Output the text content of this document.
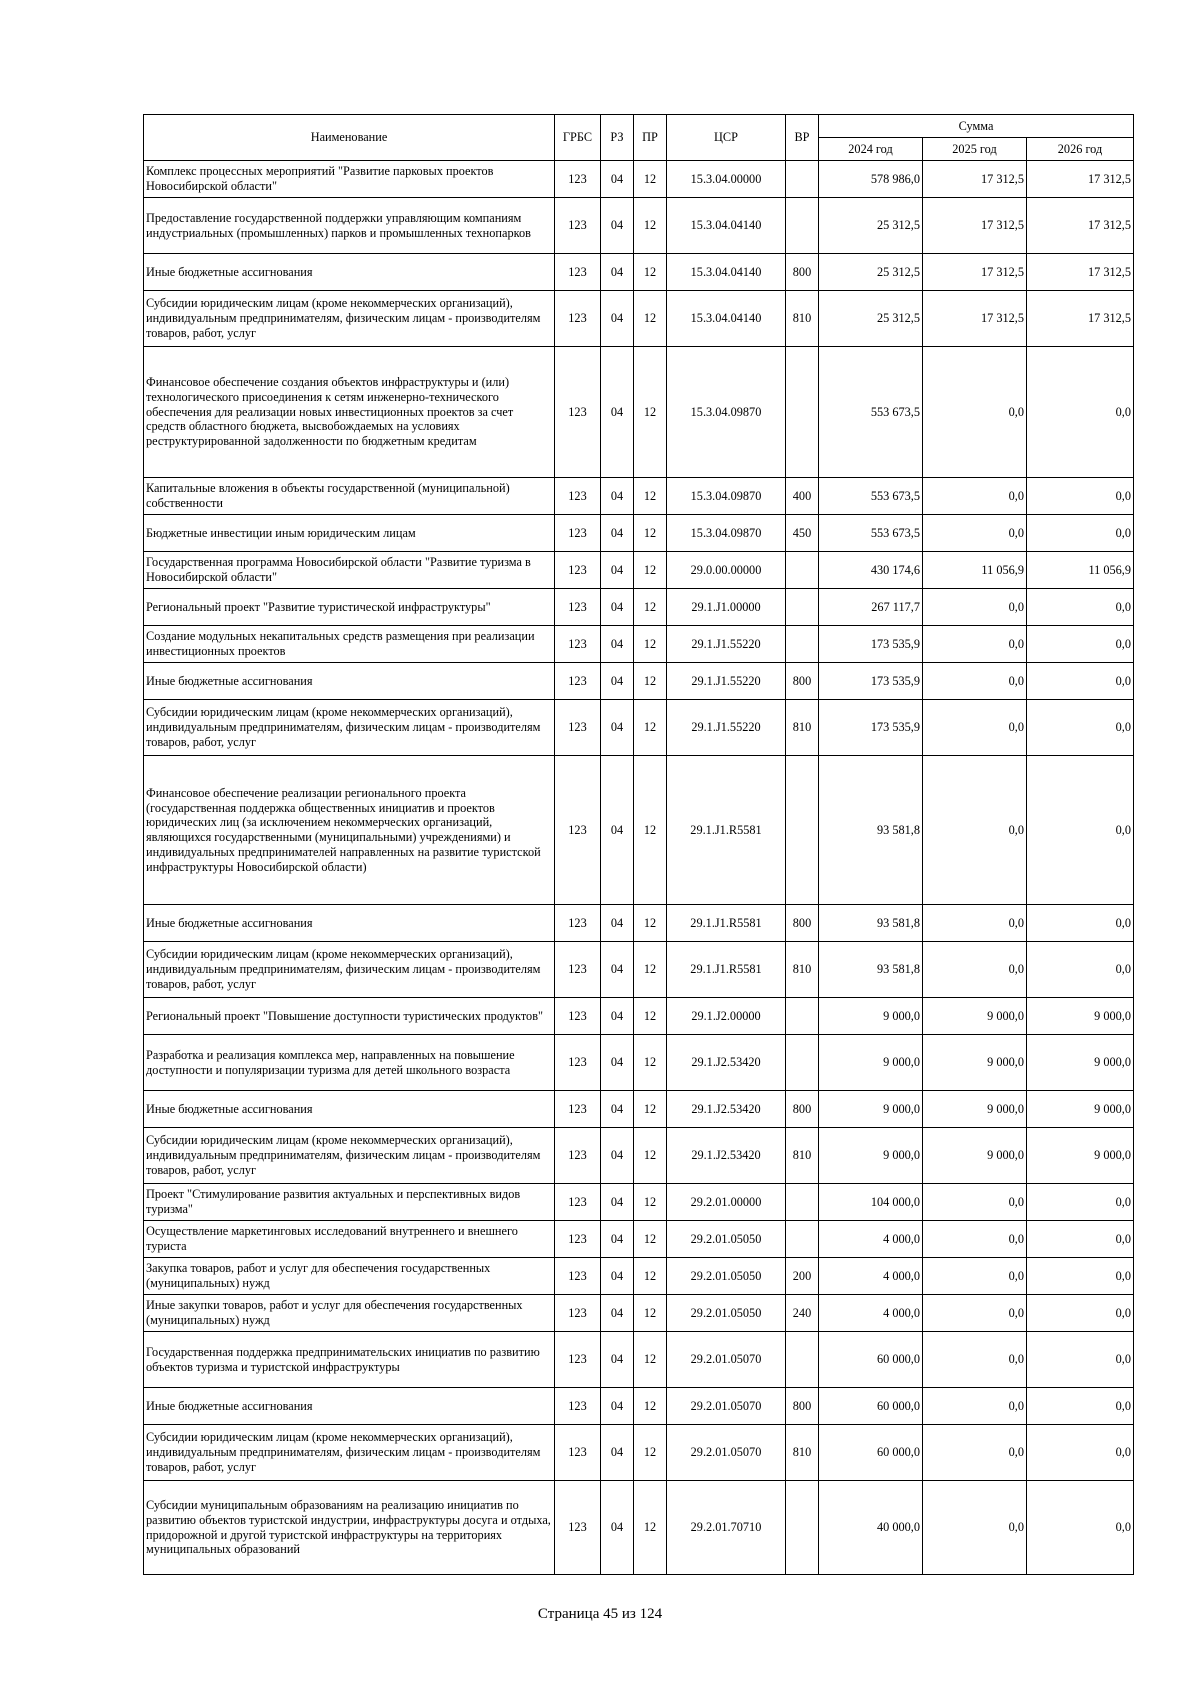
Наименование	ГРБС	РЗ	ПР	ЦСР	ВР	Сумма		
						2024 год	2025 год	2026 год
Комплекс процессных мероприятий "Развитие парковых проектов Новосибирской области"	123	04	12	15.3.04.00000		578 986,0	17 312,5	17 312,5
Предоставление государственной поддержки управляющим компаниям индустриальных (промышленных) парков и промышленных технопарков	123	04	12	15.3.04.04140		25 312,5	17 312,5	17 312,5
Иные бюджетные ассигнования	123	04	12	15.3.04.04140	800	25 312,5	17 312,5	17 312,5
Субсидии юридическим лицам (кроме некоммерческих организаций), индивидуальным предпринимателям, физическим лицам - производителям товаров, работ, услуг	123	04	12	15.3.04.04140	810	25 312,5	17 312,5	17 312,5
Финансовое обеспечение создания объектов инфраструктуры и (или) технологического присоединения к сетям инженерно-технического обеспечения для реализации новых инвестиционных проектов за счет средств областного бюджета, высвобождаемых на условиях реструктурированной задолженности по бюджетным кредитам	123	04	12	15.3.04.09870		553 673,5	0,0	0,0
Капитальные вложения в объекты государственной (муниципальной) собственности	123	04	12	15.3.04.09870	400	553 673,5	0,0	0,0
Бюджетные инвестиции иным юридическим лицам	123	04	12	15.3.04.09870	450	553 673,5	0,0	0,0
Государственная программа Новосибирской области "Развитие туризма в Новосибирской области"	123	04	12	29.0.00.00000		430 174,6	11 056,9	11 056,9
Региональный проект "Развитие туристической инфраструктуры"	123	04	12	29.1.J1.00000		267 117,7	0,0	0,0
Создание модульных некапитальных средств размещения при реализации инвестиционных проектов	123	04	12	29.1.J1.55220		173 535,9	0,0	0,0
Иные бюджетные ассигнования	123	04	12	29.1.J1.55220	800	173 535,9	0,0	0,0
Субсидии юридическим лицам (кроме некоммерческих организаций), индивидуальным предпринимателям, физическим лицам - производителям товаров, работ, услуг	123	04	12	29.1.J1.55220	810	173 535,9	0,0	0,0
Финансовое обеспечение реализации регионального проекта (государственная поддержка общественных инициатив и проектов юридических лиц (за исключением некоммерческих организаций, являющихся государственными (муниципальными) учреждениями) и индивидуальных предпринимателей направленных на развитие туристской инфраструктуры Новосибирской области)	123	04	12	29.1.J1.R5581		93 581,8	0,0	0,0
Иные бюджетные ассигнования	123	04	12	29.1.J1.R5581	800	93 581,8	0,0	0,0
Субсидии юридическим лицам (кроме некоммерческих организаций), индивидуальным предпринимателям, физическим лицам - производителям товаров, работ, услуг	123	04	12	29.1.J1.R5581	810	93 581,8	0,0	0,0
Региональный проект "Повышение доступности туристических продуктов"	123	04	12	29.1.J2.00000		9 000,0	9 000,0	9 000,0
Разработка и реализация комплекса мер, направленных на повышение доступности и популяризации туризма для детей школьного возраста	123	04	12	29.1.J2.53420		9 000,0	9 000,0	9 000,0
Иные бюджетные ассигнования	123	04	12	29.1.J2.53420	800	9 000,0	9 000,0	9 000,0
Субсидии юридическим лицам (кроме некоммерческих организаций), индивидуальным предпринимателям, физическим лицам - производителям товаров, работ, услуг	123	04	12	29.1.J2.53420	810	9 000,0	9 000,0	9 000,0
Проект "Стимулирование развития актуальных и перспективных видов туризма"	123	04	12	29.2.01.00000		104 000,0	0,0	0,0
Осуществление маркетинговых исследований внутреннего и внешнего туриста	123	04	12	29.2.01.05050		4 000,0	0,0	0,0
Закупка товаров, работ и услуг для обеспечения государственных (муниципальных) нужд	123	04	12	29.2.01.05050	200	4 000,0	0,0	0,0
Иные закупки товаров, работ и услуг для обеспечения государственных (муниципальных) нужд	123	04	12	29.2.01.05050	240	4 000,0	0,0	0,0
Государственная поддержка предпринимательских инициатив по развитию объектов туризма и туристской инфраструктуры	123	04	12	29.2.01.05070		60 000,0	0,0	0,0
Иные бюджетные ассигнования	123	04	12	29.2.01.05070	800	60 000,0	0,0	0,0
Субсидии юридическим лицам (кроме некоммерческих организаций), индивидуальным предпринимателям, физическим лицам - производителям товаров, работ, услуг	123	04	12	29.2.01.05070	810	60 000,0	0,0	0,0
Субсидии муниципальным образованиям на реализацию инициатив по развитию объектов туристской индустрии, инфраструктуры досуга и отдыха, придорожной и другой туристской инфраструктуры на территориях муниципальных образований	123	04	12	29.2.01.70710		40 000,0	0,0	0,0
Страница 45 из 124
